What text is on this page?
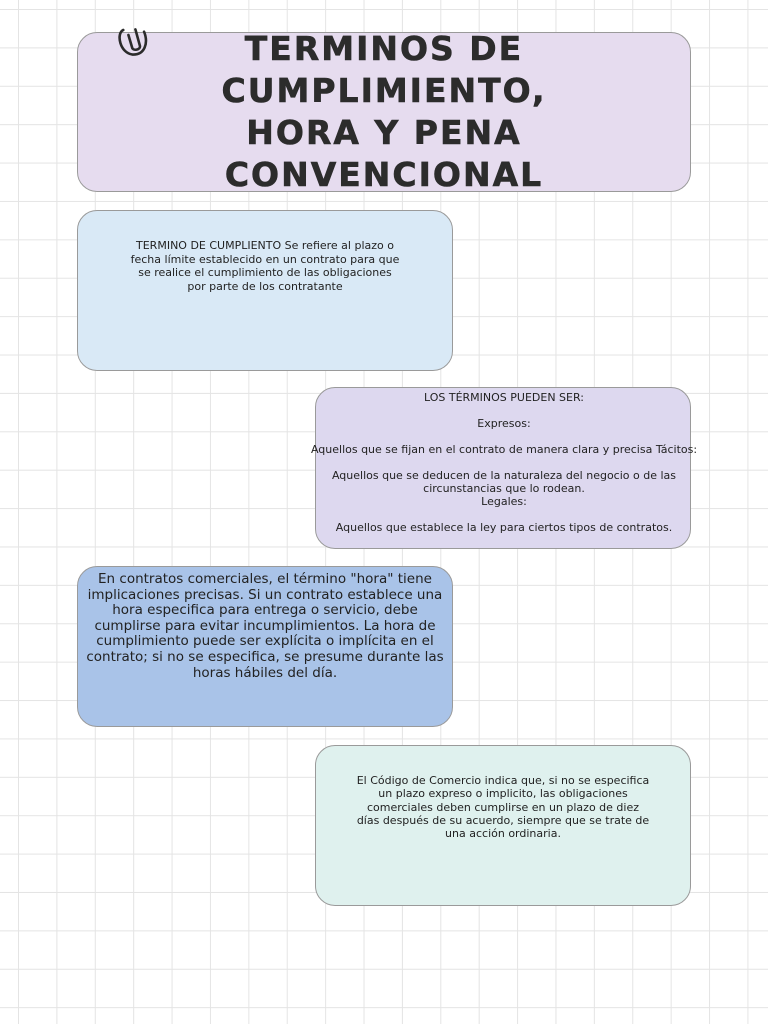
TERMINOS DE
CUMPLIMIENTO,
HORA Y PENA
CONVENCIONAL

TERMINO DE CUMPLIENTO Se refiere al plazo o fecha límite establecido en un contrato para que se realice el cumplimiento de las obligaciones por parte de los contratante

LOS TÉRMINOS PUEDEN SER:

Expresos:

Aquellos que se fijan en el contrato de manera clara y precisa Tácitos:

Aquellos que se deducen de la naturaleza del negocio o de las circunstancias que lo rodean.

Legales:

Aquellos que establece la ley para ciertos tipos de contratos.

En contratos comerciales, el término "hora" tiene implicaciones precisas. Si un contrato establece una hora especifica para entrega o servicio, debe cumplirse para evitar incumplimientos. La hora de cumplimiento puede ser explícita o implícita en el contrato; si no se especifica, se presume durante las horas hábiles del día.

El Código de Comercio indica que, si no se especifica un plazo expreso o implicito, las obligaciones comerciales deben cumplirse en un plazo de diez días después de su acuerdo, siempre que se trate de una acción ordinaria.
